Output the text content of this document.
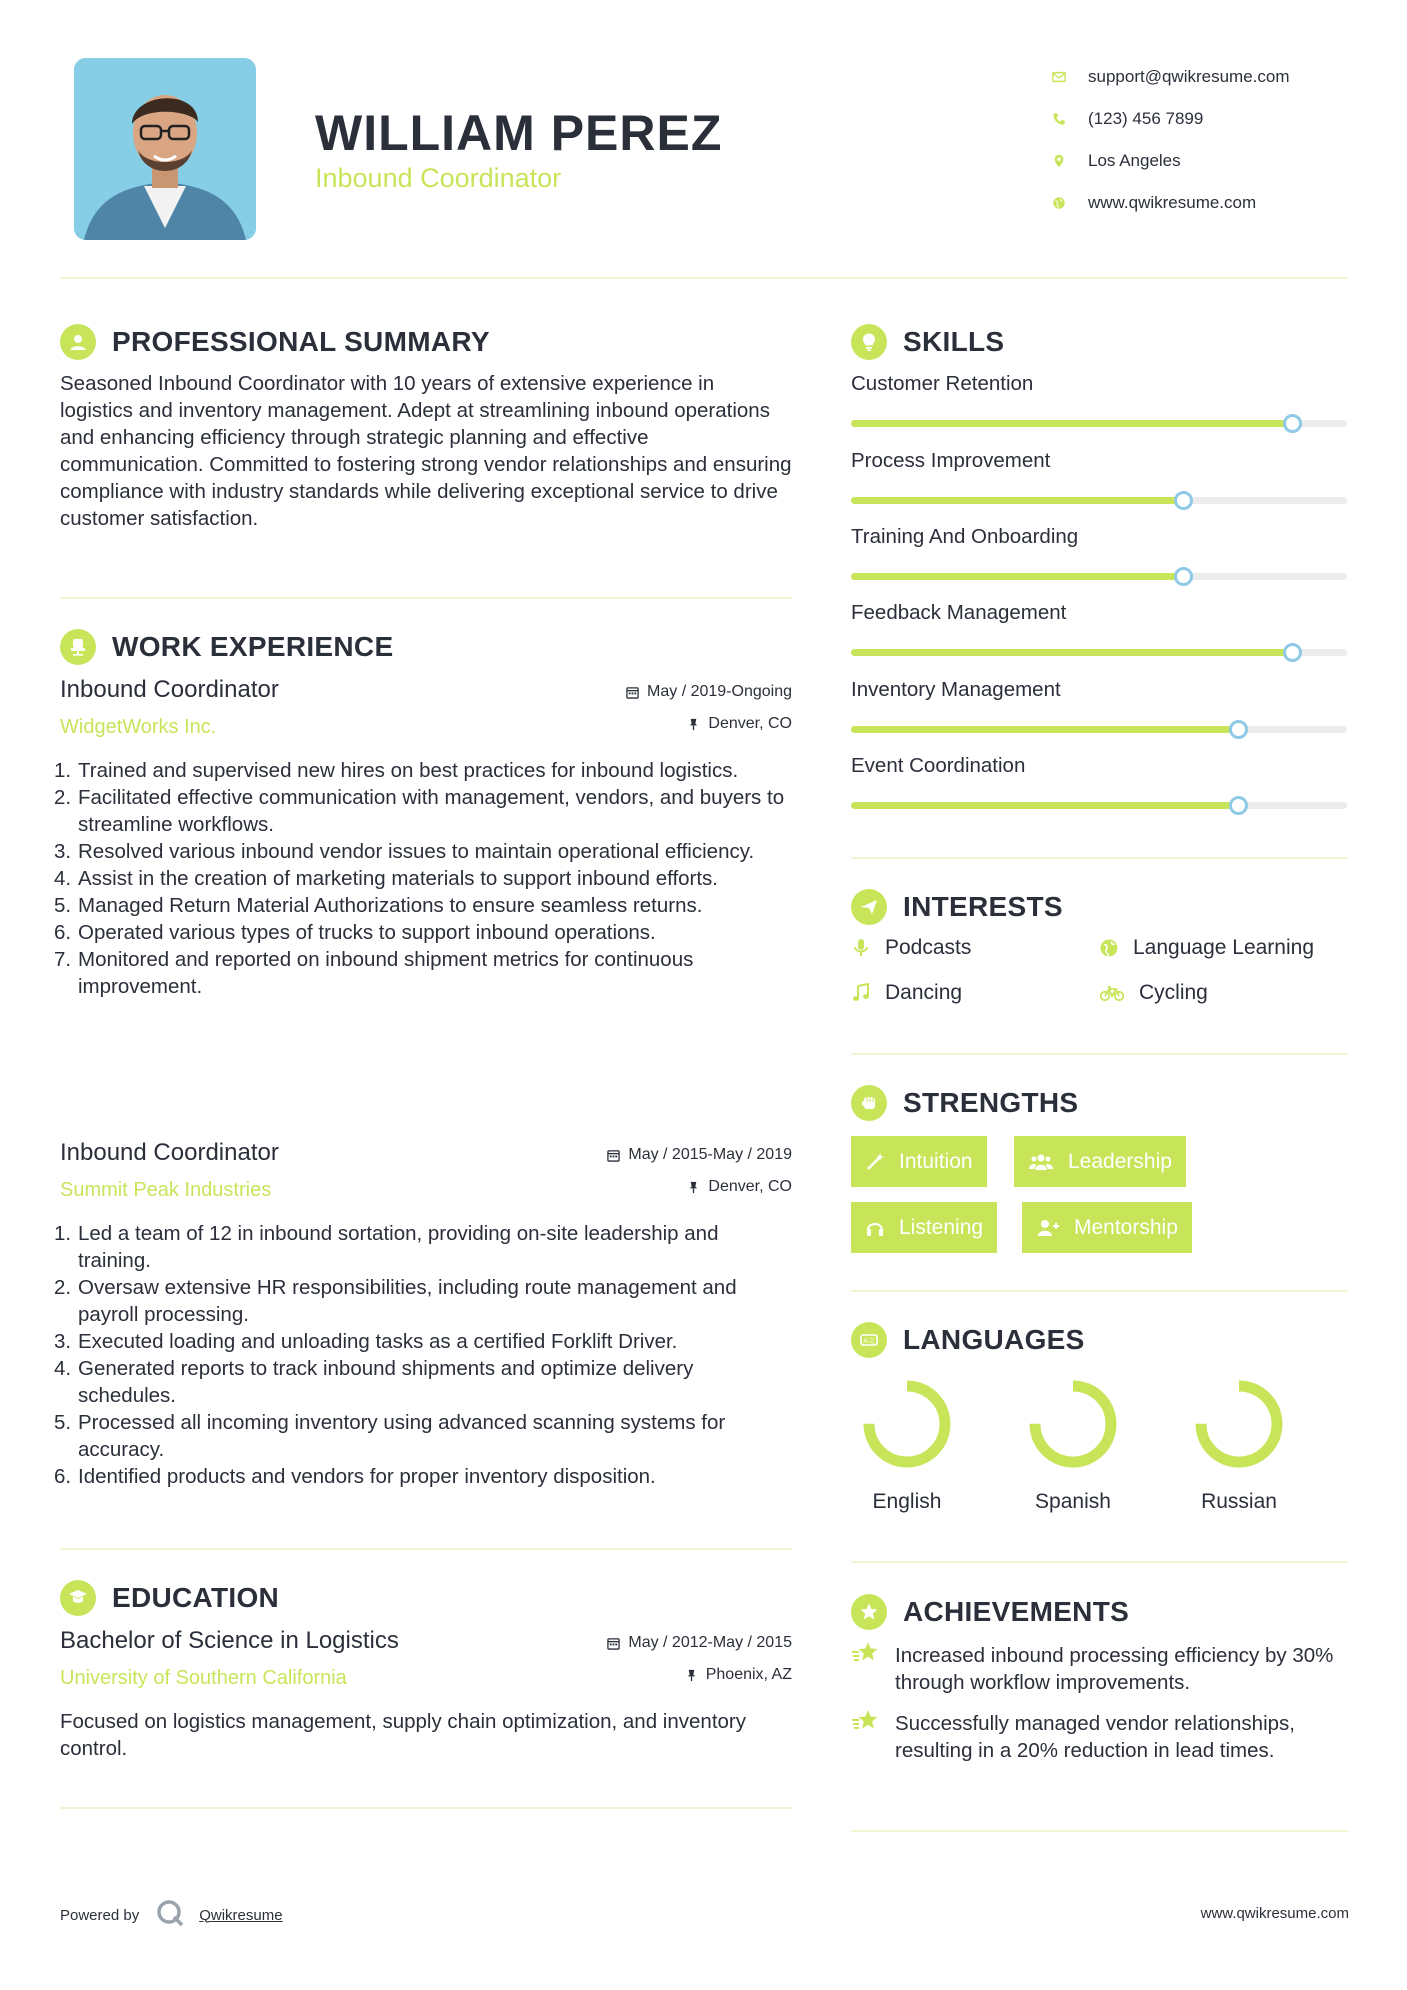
WILLIAM PEREZ
Inbound Coordinator
support@qwikresume.com
(123) 456 7899
Los Angeles
www.qwikresume.com
PROFESSIONAL SUMMARY
Seasoned Inbound Coordinator with 10 years of extensive experience in logistics and inventory management. Adept at streamlining inbound operations and enhancing efficiency through strategic planning and effective communication. Committed to fostering strong vendor relationships and ensuring compliance with industry standards while delivering exceptional service to drive customer satisfaction.
WORK EXPERIENCE
Inbound Coordinator
WidgetWorks Inc.
May / 2019-Ongoing
Denver, CO
1. Trained and supervised new hires on best practices for inbound logistics.
2. Facilitated effective communication with management, vendors, and buyers to streamline workflows.
3. Resolved various inbound vendor issues to maintain operational efficiency.
4. Assist in the creation of marketing materials to support inbound efforts.
5. Managed Return Material Authorizations to ensure seamless returns.
6. Operated various types of trucks to support inbound operations.
7. Monitored and reported on inbound shipment metrics for continuous improvement.
Inbound Coordinator
Summit Peak Industries
May / 2015-May / 2019
Denver, CO
1. Led a team of 12 in inbound sortation, providing on-site leadership and training.
2. Oversaw extensive HR responsibilities, including route management and payroll processing.
3. Executed loading and unloading tasks as a certified Forklift Driver.
4. Generated reports to track inbound shipments and optimize delivery schedules.
5. Processed all incoming inventory using advanced scanning systems for accuracy.
6. Identified products and vendors for proper inventory disposition.
EDUCATION
Bachelor of Science in Logistics
University of Southern California
May / 2012-May / 2015
Phoenix, AZ
Focused on logistics management, supply chain optimization, and inventory control.
SKILLS
Customer Retention
Process Improvement
Training And Onboarding
Feedback Management
Inventory Management
Event Coordination
INTERESTS
Podcasts	Language Learning
Dancing	Cycling
STRENGTHS
Intuition	Leadership
Listening	Mentorship
A文 LANGUAGES
English	Spanish	Russian
ACHIEVEMENTS
Increased inbound processing efficiency by 30% through workflow improvements.
Successfully managed vendor relationships, resulting in a 20% reduction in lead times.
Powered by	Qwikresume	www.qwikresume.com
